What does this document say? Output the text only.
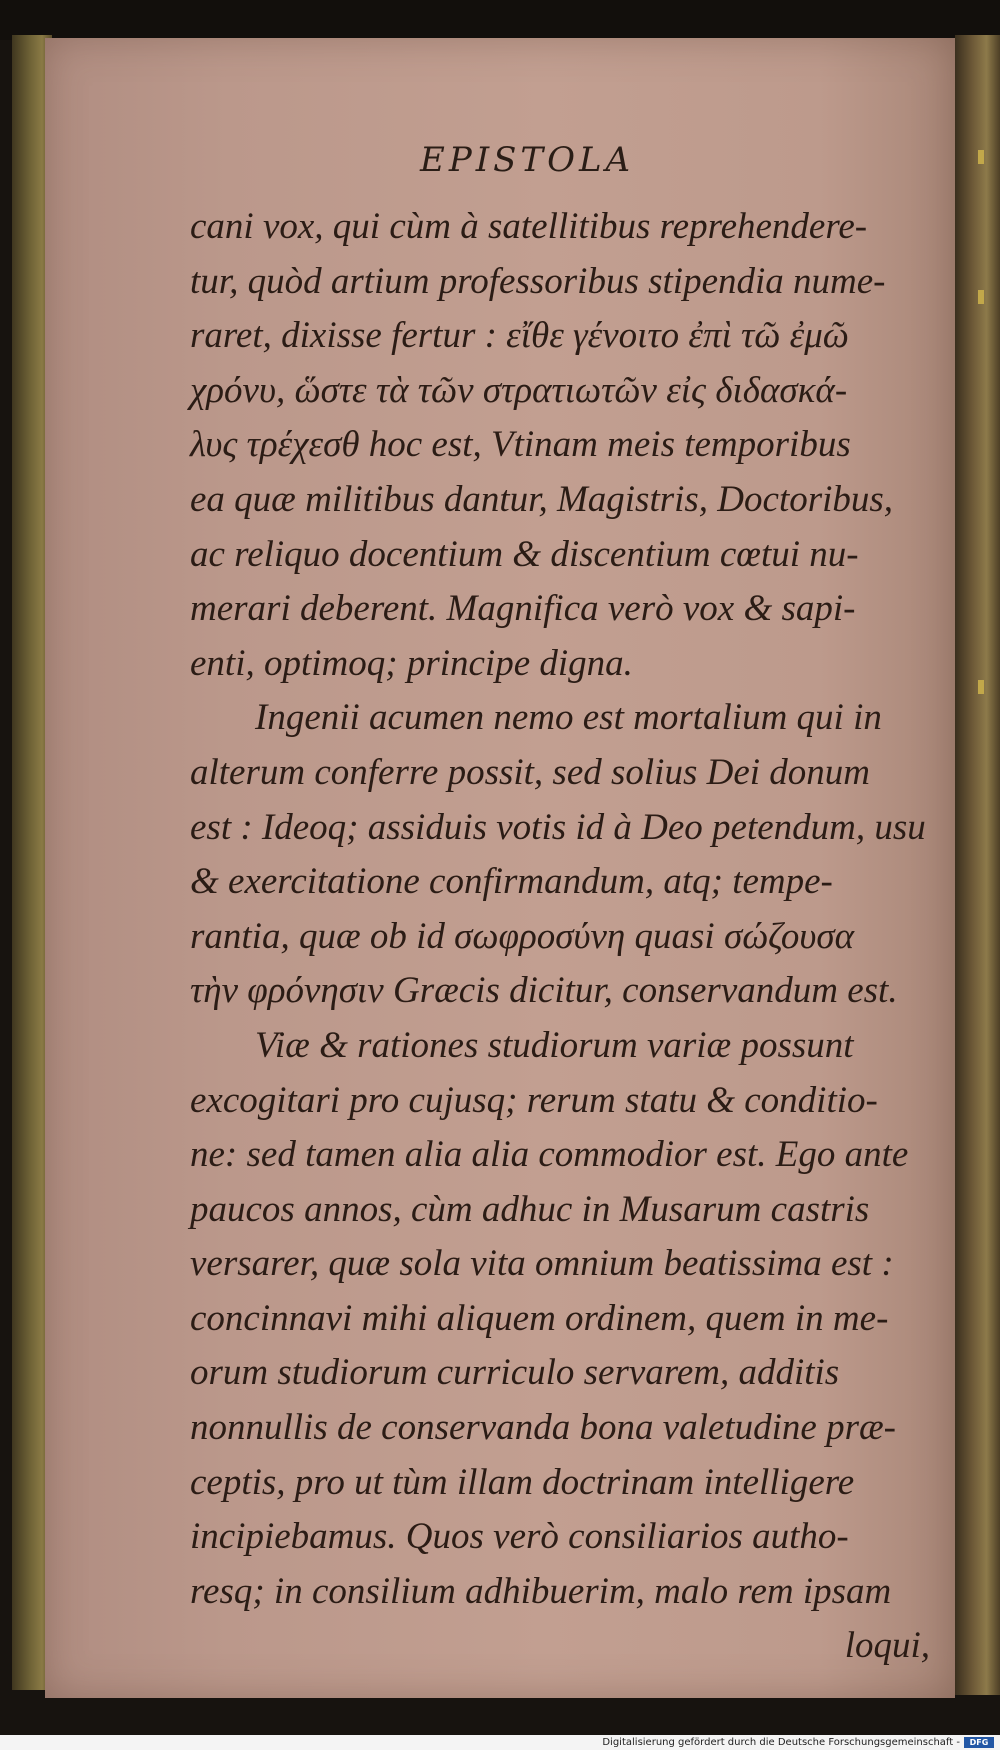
EPISTOLA
cani vox, qui cùm à satellitibus reprehendere-
tur, quòd artium professoribus stipendia nume-
raret, dixisse fertur : εἴθε γένοιτο ἐπὶ τῶ ἐμῶ
χρόνυ, ὥστε τὰ τῶν στρατιωτῶν εἰς διδασκά-
λυς τρέχεσθ hoc est, Vtinam meis temporibus
ea quæ militibus dantur, Magistris, Doctoribus,
ac reliquo docentium & discentium cœtui nu-
merari deberent. Magnifica verò vox & sapi-
enti, optimoq; principe digna.
Ingenii acumen nemo est mortalium qui in
alterum conferre possit, sed solius Dei donum
est : Ideoq; assiduis votis id à Deo petendum, usu
& exercitatione confirmandum, atq; tempe-
rantia, quæ ob id σωφροσύνη quasi σώζουσα
τὴν φρόνησιν Græcis dicitur, conservandum est.
Viæ & rationes studiorum variæ possunt
excogitari pro cujusq; rerum statu & conditio-
ne: sed tamen alia alia commodior est. Ego ante
paucos annos, cùm adhuc in Musarum castris
versarer, quæ sola vita omnium beatissima est :
concinnavi mihi aliquem ordinem, quem in me-
orum studiorum curriculo servarem, additis
nonnullis de conservanda bona valetudine præ-
ceptis, pro ut tùm illam doctrinam intelligere
incipiebamus. Quos verò consiliarios autho-
resq; in consilium adhibuerim, malo rem ipsam
loqui,
Digitalisierung gefördert durch die Deutsche Forschungsgemeinschaft -	DFG
